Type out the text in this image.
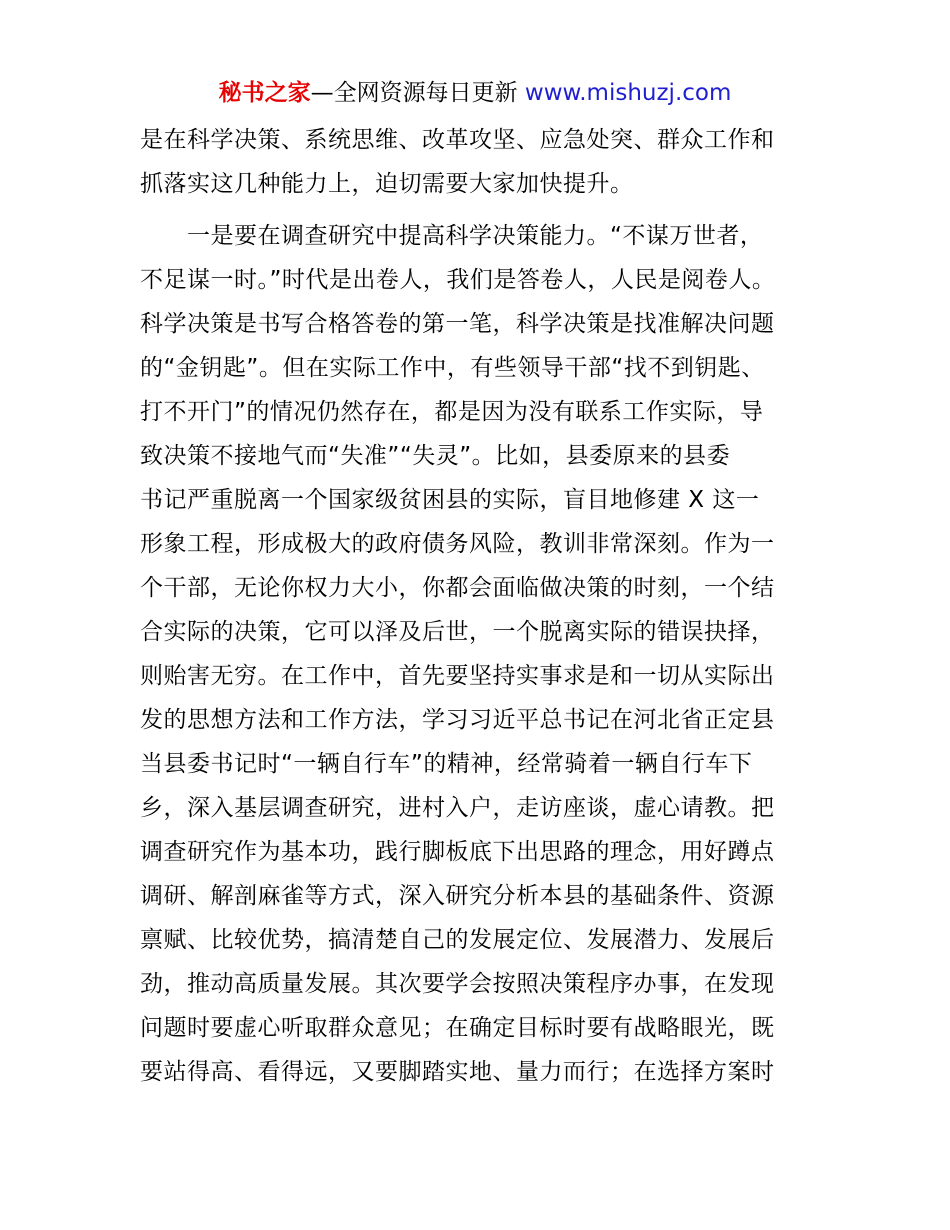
秘书之家—全网资源每日更新 www.mishuzj.com
是在科学决策、系统思维、改革攻坚、应急处突、群众工作和
抓落实这几种能力上，迫切需要大家加快提升。
一是要在调查研究中提高科学决策能力。“不谋万世者，
不足谋一时。”时代是出卷人，我们是答卷人，人民是阅卷人。
科学决策是书写合格答卷的第一笔，科学决策是找准解决问题
的“金钥匙”。但在实际工作中，有些领导干部“找不到钥匙、
打不开门”的情况仍然存在，都是因为没有联系工作实际，导
致决策不接地气而“失准”“失灵”。比如，县委原来的县委
书记严重脱离一个国家级贫困县的实际，盲目地修建 X 这一
形象工程，形成极大的政府债务风险，教训非常深刻。作为一
个干部，无论你权力大小，你都会面临做决策的时刻，一个结
合实际的决策，它可以泽及后世，一个脱离实际的错误抉择，
则贻害无穷。在工作中，首先要坚持实事求是和一切从实际出
发的思想方法和工作方法，学习习近平总书记在河北省正定县
当县委书记时“一辆自行车”的精神，经常骑着一辆自行车下
乡，深入基层调查研究，进村入户，走访座谈，虚心请教。把
调查研究作为基本功，践行脚板底下出思路的理念，用好蹲点
调研、解剖麻雀等方式，深入研究分析本县的基础条件、资源
禀赋、比较优势，搞清楚自己的发展定位、发展潜力、发展后
劲，推动高质量发展。其次要学会按照决策程序办事，在发现
问题时要虚心听取群众意见；在确定目标时要有战略眼光，既
要站得高、看得远，又要脚踏实地、量力而行；在选择方案时
